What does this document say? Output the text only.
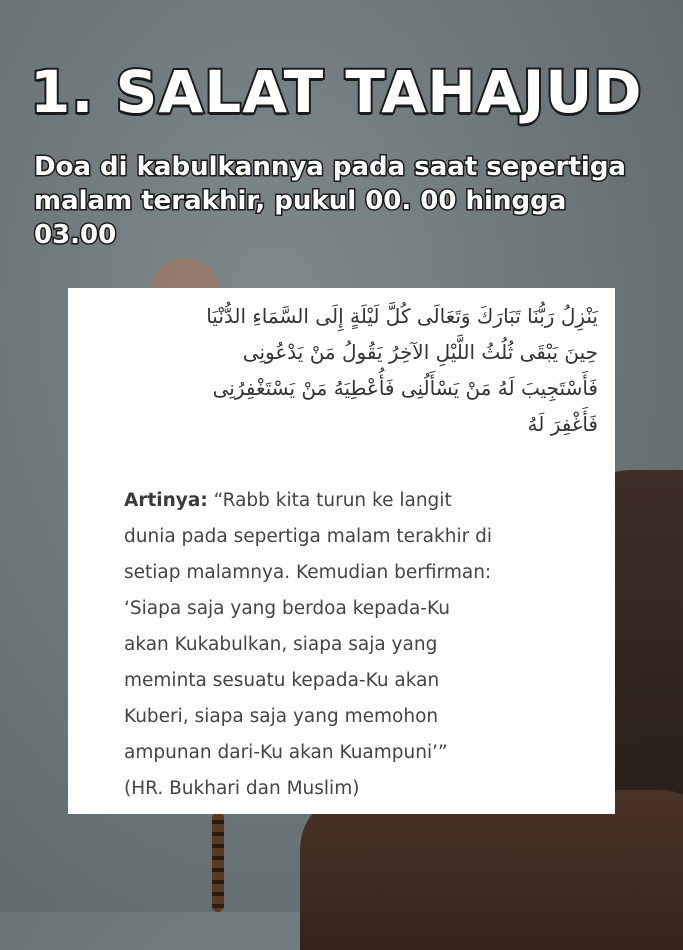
1. SALAT TAHAJUD

Doa di kabulkannya pada saat sepertiga malam terakhir, pukul 00. 00 hingga 03.00

يَنْزِلُ رَبُّنَا تَبَارَكَ وَتَعَالَى كُلَّ لَيْلَةٍ إِلَى السَّمَاءِ الدُّنْيَا
حِينَ يَبْقَى ثُلُثُ اللَّيْلِ الآخِرُ يَقُولُ مَنْ يَدْعُونِى
فَأَسْتَجِيبَ لَهُ مَنْ يَسْأَلُنِى فَأُعْطِيَهُ مَنْ يَسْتَغْفِرُنِى
فَأَغْفِرَ لَهُ
Artinya: “Rabb kita turun ke langit
dunia pada sepertiga malam terakhir di
setiap malamnya. Kemudian berfirman:
‘Siapa saja yang berdoa kepada-Ku
akan Kukabulkan, siapa saja yang
meminta sesuatu kepada-Ku akan
Kuberi, siapa saja yang memohon
ampunan dari-Ku akan Kuampuni’”
(HR. Bukhari dan Muslim)
